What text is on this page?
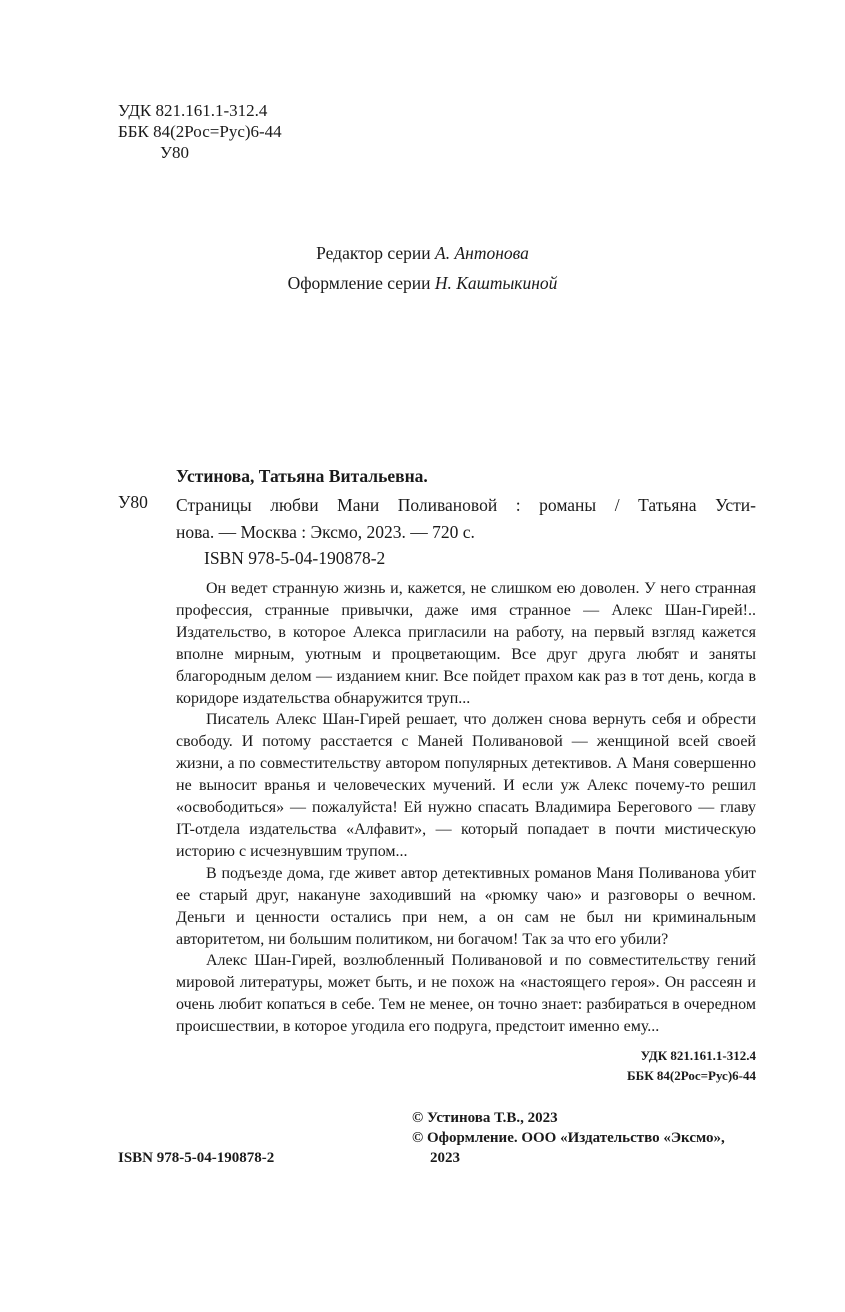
УДК 821.161.1-312.4
ББК 84(2Рос=Рус)6-44
У80
Редактор серии А. Антонова
Оформление серии Н. Каштыкиной
Устинова, Татьяна Витальевна.
У80 Страницы любви Мани Поливановой : романы / Татьяна Усти-
нова. — Москва : Эксмо, 2023. — 720 с.
ISBN 978-5-04-190878-2

Он ведет странную жизнь и, кажется, не слишком ею доволен. У него странная профессия, странные привычки, даже имя странное — Алекс Шан-Гирей!.. Издательство, в которое Алекса пригласили на работу, на первый взгляд кажется вполне мирным, уютным и процветающим. Все друг друга любят и заняты благородным делом — изданием книг. Все пойдет прахом как раз в тот день, когда в коридоре издательства обнаружится труп...

Писатель Алекс Шан-Гирей решает, что должен снова вернуть себя и обрести свободу. И потому расстается с Маней Поливановой — женщиной всей своей жизни, а по совместительству автором популярных детективов. А Маня совершенно не выносит вранья и человеческих мучений. И если уж Алекс почему-то решил «освободиться» — пожалуйста! Ей нужно спасать Владимира Берегового — главу IT-отдела издательства «Алфавит», — который попадает в почти мистическую историю с исчезнувшим трупом...

В подъезде дома, где живет автор детективных романов Маня Поливанова убит ее старый друг, накануне заходивший на «рюмку чаю» и разговоры о вечном. Деньги и ценности остались при нем, а он сам не был ни криминальным авторитетом, ни большим политиком, ни богачом! Так за что его убили?

Алекс Шан-Гирей, возлюбленный Поливановой и по совместительству гений мировой литературы, может быть, и не похож на «настоящего героя». Он рассеян и очень любит копаться в себе. Тем не менее, он точно знает: разбираться в очередном происшествии, в которое угодила его подруга, предстоит именно ему...

УДК 821.161.1-312.4
ББК 84(2Рос=Рус)6-44
© Устинова Т.В., 2023
© Оформление. ООО «Издательство «Эксмо»,
2023
ISBN 978-5-04-190878-2
